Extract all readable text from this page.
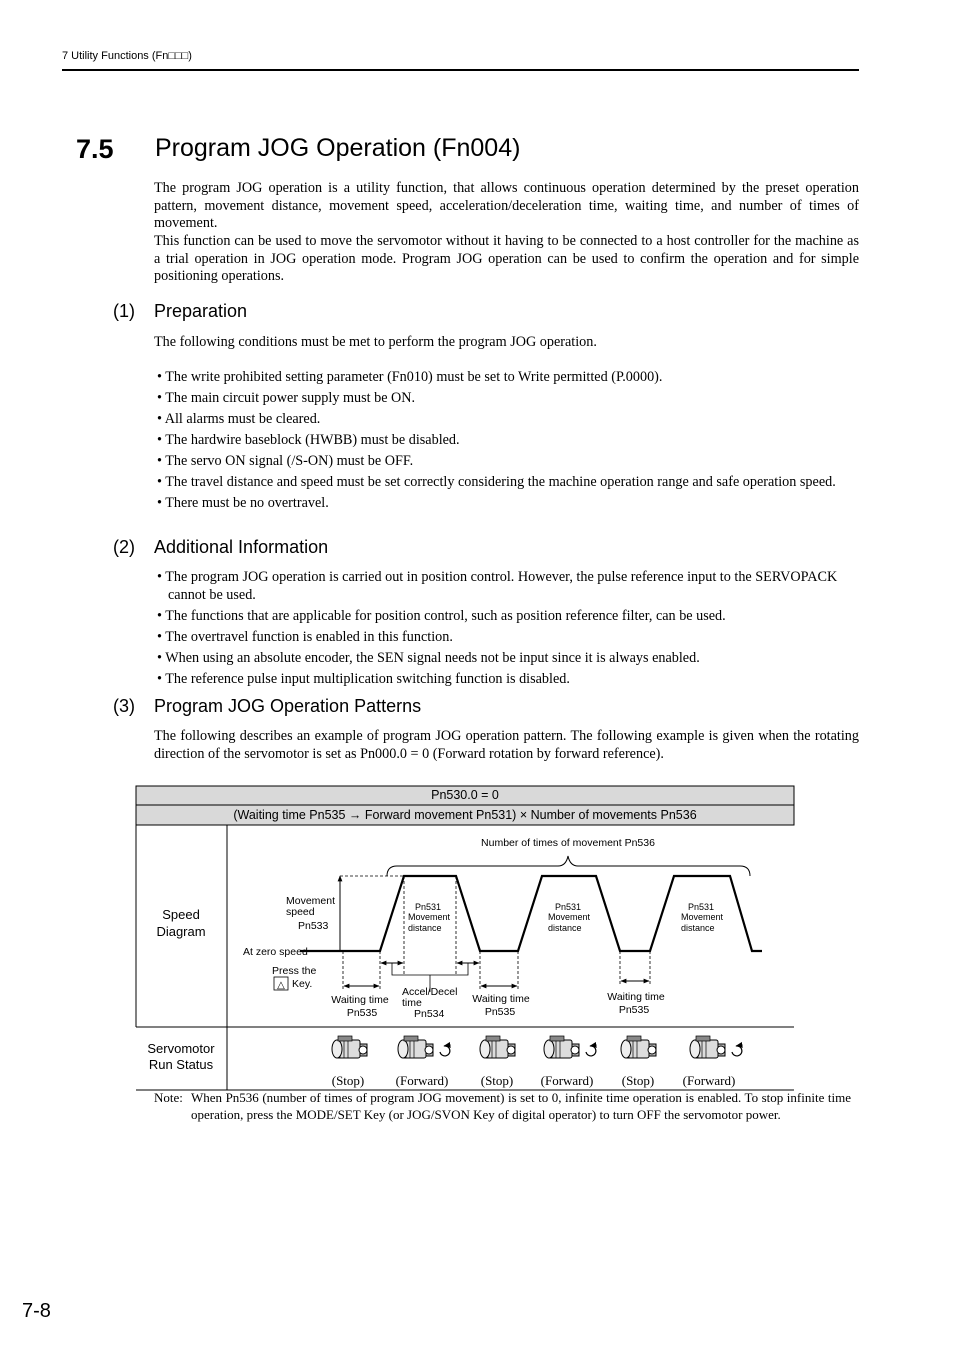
7 Utility Functions (Fn□□□)
7.5 Program JOG Operation (Fn004)
The program JOG operation is a utility function, that allows continuous operation determined by the preset operation pattern, movement distance, movement speed, acceleration/deceleration time, waiting time, and number of times of movement.
This function can be used to move the servomotor without it having to be connected to a host controller for the machine as a trial operation in JOG operation mode. Program JOG operation can be used to confirm the operation and for simple positioning operations.
(1) Preparation
The following conditions must be met to perform the program JOG operation.
• The write prohibited setting parameter (Fn010) must be set to Write permitted (P.0000).
• The main circuit power supply must be ON.
• All alarms must be cleared.
• The hardwire baseblock (HWBB) must be disabled.
• The servo ON signal (/S-ON) must be OFF.
• The travel distance and speed must be set correctly considering the machine operation range and safe operation speed.
• There must be no overtravel.
(2) Additional Information
• The program JOG operation is carried out in position control. However, the pulse reference input to the SERVOPACK cannot be used.
• The functions that are applicable for position control, such as position reference filter, can be used.
• The overtravel function is enabled in this function.
• When using an absolute encoder, the SEN signal needs not be input since it is always enabled.
• The reference pulse input multiplication switching function is disabled.
(3) Program JOG Operation Patterns
The following describes an example of program JOG operation pattern. The following example is given when the rotating direction of the servomotor is set as Pn000.0 = 0 (Forward rotation by forward reference).
Pn530.0 = 0
(Waiting time Pn535 → Forward movement Pn531) × Number of movements Pn536
Speed
Diagram
Servomotor
Run Status
Number of times of movement Pn536
Movement
speed
Pn533
At zero speed
Pn531
Movement
distance
Pn531
Movement
distance
Pn531
Movement
distance
Press the
△ Key.
Waiting time
Pn535
Waiting time
Pn535
Waiting time
Pn535
Accel/Decel
time
Pn534
(Stop) (Forward) (Stop) (Forward) (Stop) (Forward)
Note: When Pn536 (number of times of program JOG movement) is set to 0, infinite time operation is enabled. To stop infinite time operation, press the MODE/SET Key (or JOG/SVON Key of digital operator) to turn OFF the servomotor power.
7-8
